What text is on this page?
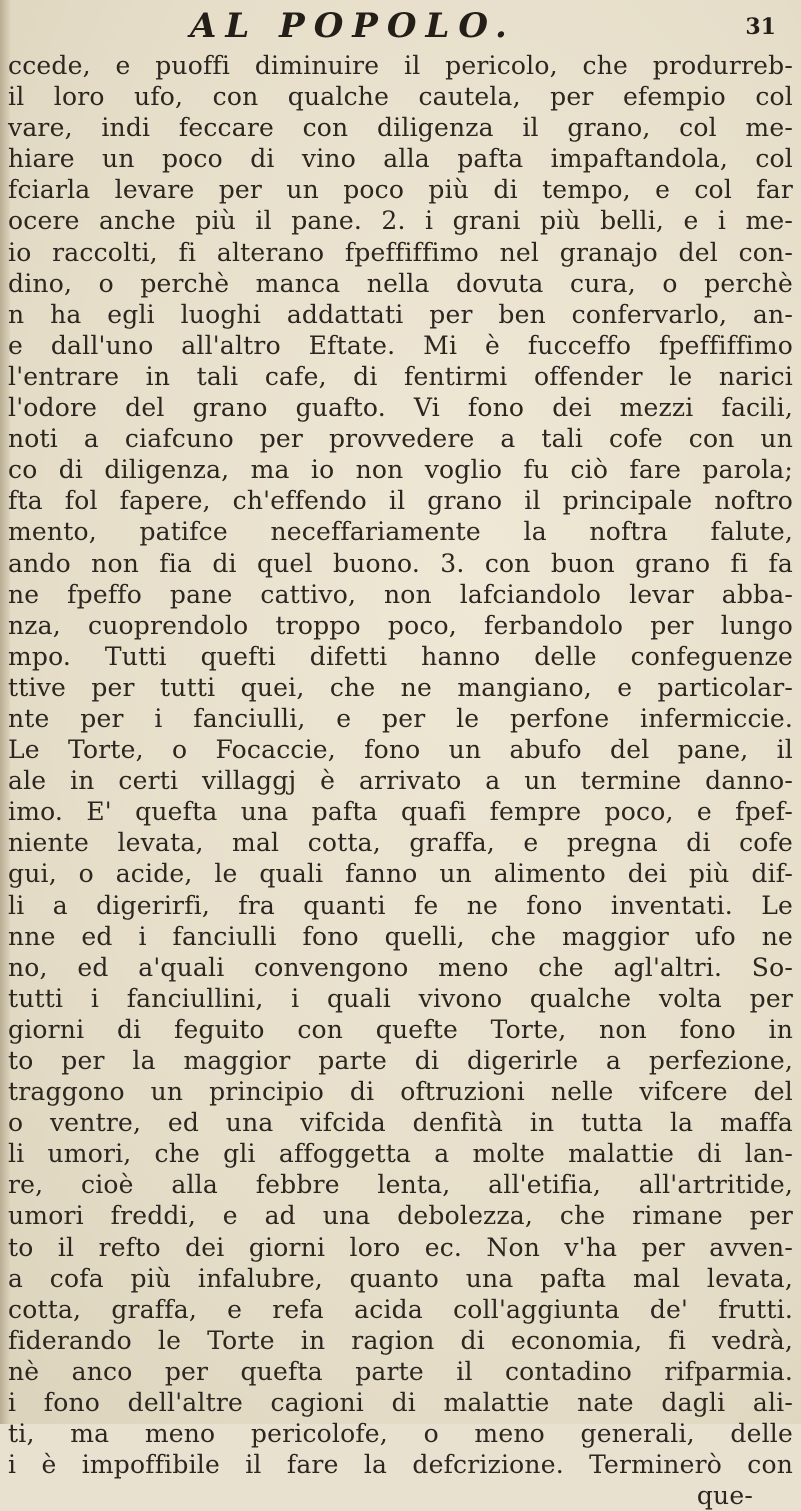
AL POPOLO.	31
ccede, e puoffi diminuire il pericolo, che produrreb-
il loro ufo, con qualche cautela, per efempio col
vare, indi feccare con diligenza il grano, col me-
hiare un poco di vino alla pafta impaftandola, col
fciarla levare per un poco più di tempo, e col far
ocere anche più il pane. 2. i grani più belli, e i me-
io raccolti, fi alterano fpeffiffimo nel granajo del con-
dino, o perchè manca nella dovuta cura, o perchè
n ha egli luoghi addattati per ben confervarlo, an-
e dall'uno all'altro Eftate. Mi è fucceffo fpeffiffimo
l'entrare in tali cafe, di fentirmi offender le narici
l'odore del grano guafto. Vi fono dei mezzi facili,
noti a ciafcuno per provvedere a tali cofe con un
co di diligenza, ma io non voglio fu ciò fare parola;
fta fol fapere, ch'effendo il grano il principale noftro
mento, patifce neceffariamente la noftra falute,
ando non fia di quel buono. 3. con buon grano fi fa
ne fpeffo pane cattivo, non lafciandolo levar abba-
nza, cuoprendolo troppo poco, ferbandolo per lungo
mpo. Tutti quefti difetti hanno delle confeguenze
ttive per tutti quei, che ne mangiano, e particolar-
nte per i fanciulli, e per le perfone infermiccie.
Le Torte, o Focaccie, fono un abufo del pane, il
ale in certi villaggj è arrivato a un termine danno-
imo. E' quefta una pafta quafi fempre poco, e fpef-
niente levata, mal cotta, graffa, e pregna di cofe
gui, o acide, le quali fanno un alimento dei più dif-
li a digerirfi, fra quanti fe ne fono inventati. Le
nne ed i fanciulli fono quelli, che maggior ufo ne
no, ed a'quali convengono meno che agl'altri. So-
tutti i fanciullini, i quali vivono qualche volta per
giorni di feguito con quefte Torte, non fono in
to per la maggior parte di digerirle a perfezione,
traggono un principio di oftruzioni nelle vifcere del
o ventre, ed una vifcida denfità in tutta la maffa
li umori, che gli affoggetta a molte malattie di lan-
re, cioè alla febbre lenta, all'etifia, all'artritide,
umori freddi, e ad una debolezza, che rimane per
to il refto dei giorni loro ec. Non v'ha per avven-
a cofa più infalubre, quanto una pafta mal levata,
cotta, graffa, e refa acida coll'aggiunta de' frutti.
fiderando le Torte in ragion di economia, fi vedrà,
nè anco per quefta parte il contadino rifparmia.
i fono dell'altre cagioni di malattie nate dagli ali-
ti, ma meno pericolofe, o meno generali, delle
i è impoffibile il fare la defcrizione. Terminerò con
que-
